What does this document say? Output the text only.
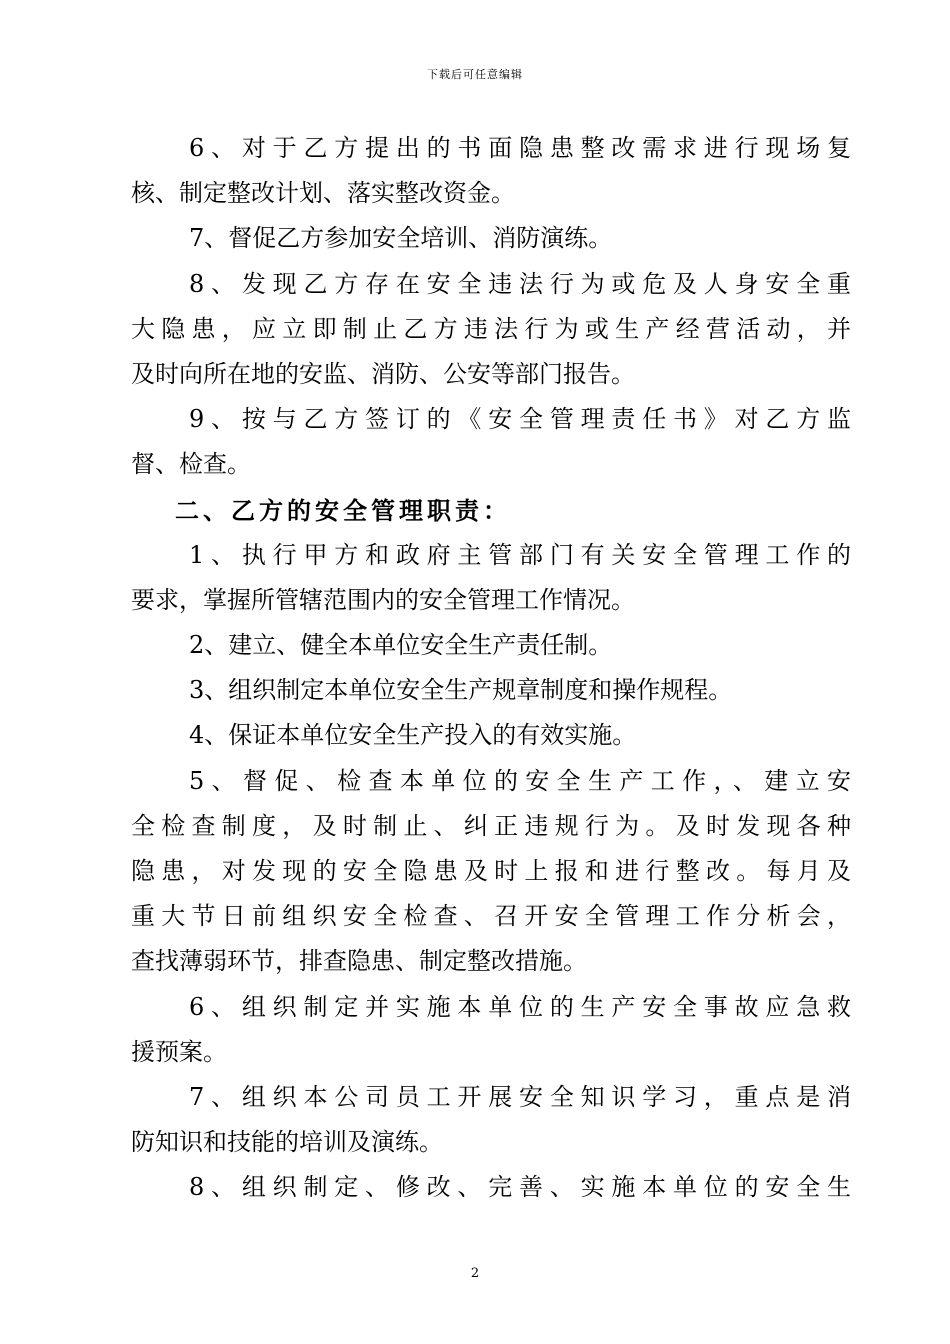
下载后可任意编辑
6、对于乙方提出的书面隐患整改需求进行现场复
核、制定整改计划、落实整改资金。
7、督促乙方参加安全培训、消防演练。
8、发现乙方存在安全违法行为或危及人身安全重
大隐患，应立即制止乙方违法行为或生产经营活动，并
及时向所在地的安监、消防、公安等部门报告。
9、按与乙方签订的《安全管理责任书》对乙方监
督、检查。
二、乙方的安全管理职责：
1、执行甲方和政府主管部门有关安全管理工作的
要求，掌握所管辖范围内的安全管理工作情况。
2、建立、健全本单位安全生产责任制。
3、组织制定本单位安全生产规章制度和操作规程。
4、保证本单位安全生产投入的有效实施。
5、督促、检查本单位的安全生产工作，、建立安
全检查制度，及时制止、纠正违规行为。及时发现各种
隐患，对发现的安全隐患及时上报和进行整改。每月及
重大节日前组织安全检查、召开安全管理工作分析会，
查找薄弱环节，排查隐患、制定整改措施。
6、组织制定并实施本单位的生产安全事故应急救
援预案。
7、组织本公司员工开展安全知识学习，重点是消
防知识和技能的培训及演练。
8、组织制定、修改、完善、实施本单位的安全生
2
